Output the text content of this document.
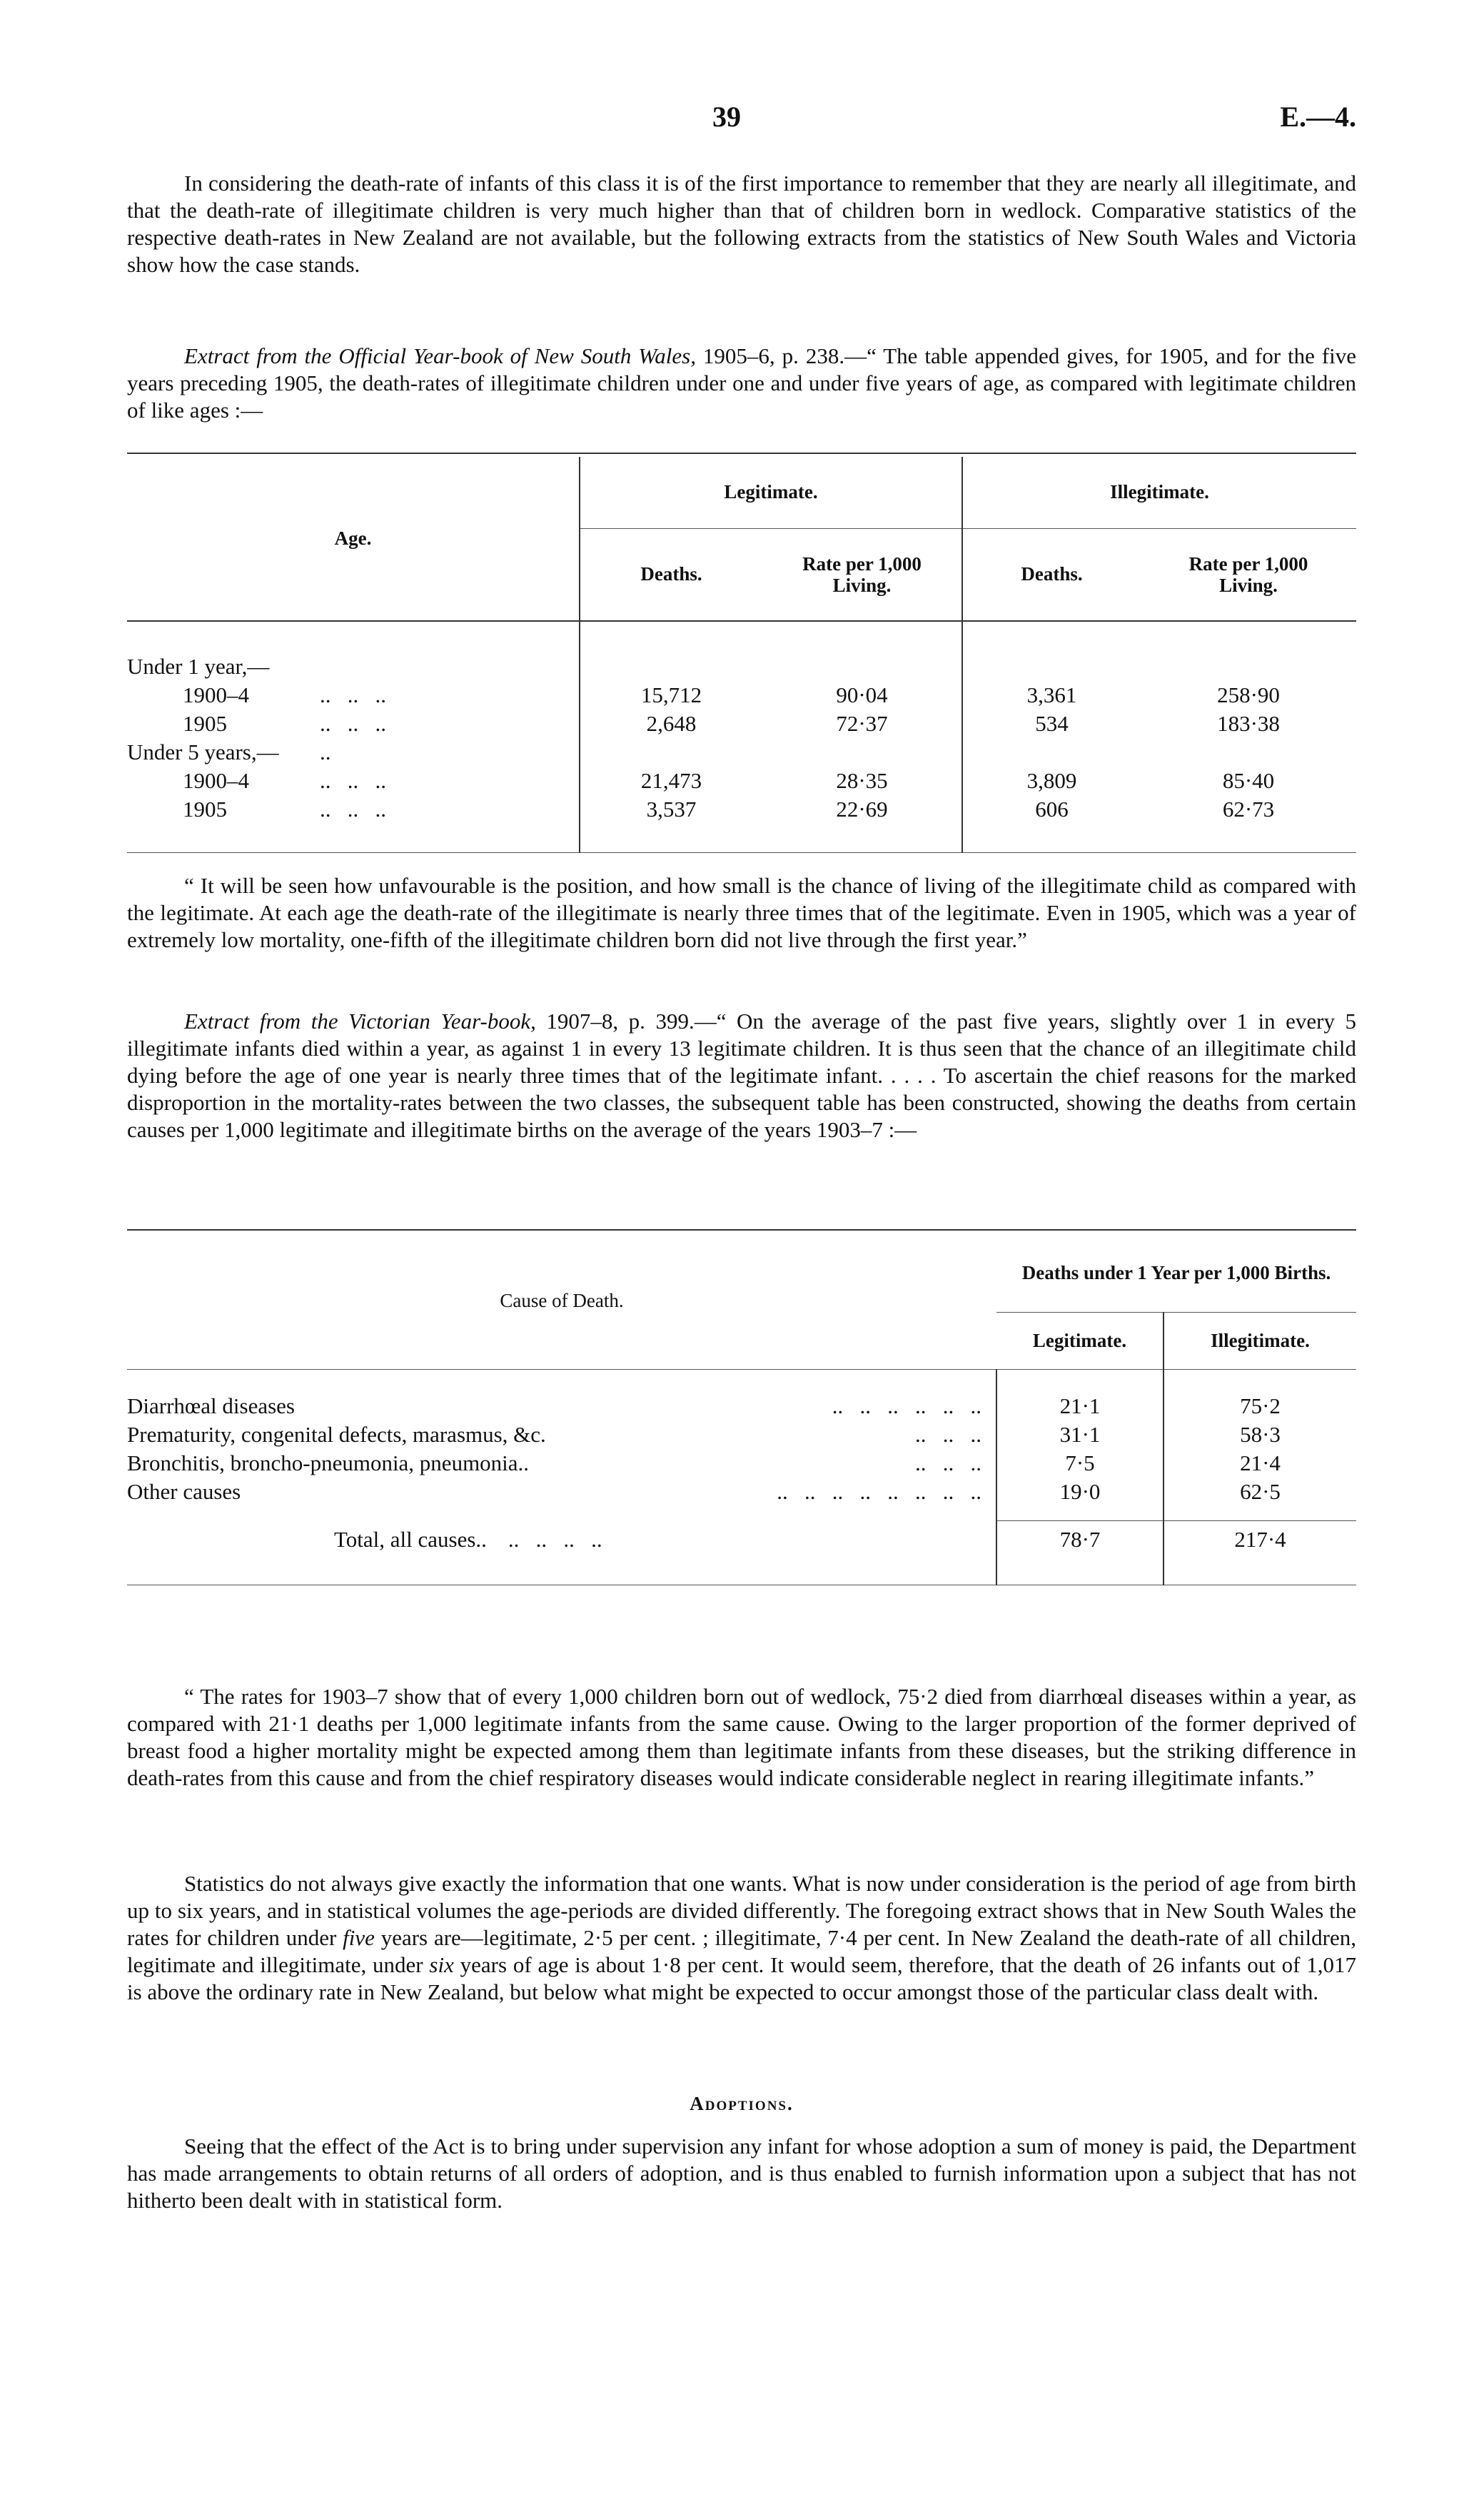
39	E.—4.

In considering the death-rate of infants of this class it is of the first importance to remember that they are nearly all illegitimate, and that the death-rate of illegitimate children is very much higher than that of children born in wedlock. Comparative statistics of the respective death-rates in New Zealand are not available, but the following extracts from the statistics of New South Wales and Victoria show how the case stands.

Extract from the Official Year-book of New South Wales, 1905–6, p. 238.—“ The table appended gives, for 1905, and for the five years preceding 1905, the death-rates of illegitimate children under one and under five years of age, as compared with legitimate children of like ages :—

Age.	Legitimate.		Illegitimate.	
	Deaths.	Rate per 1,000 Living.	Deaths.	Rate per 1,000 Living.

Under 1 year,—

1900–4 ..   ..   ..	15,712	90·04	3,361	258·90
1905 ..   ..   ..	2,648	72·37	534	183·38
Under 5 years,— ..				

1900–4 ..   ..   ..	21,473	28·35	3,809	85·40
1905 ..   ..   ..	3,537	22·69	606	62·73

“ It will be seen how unfavourable is the position, and how small is the chance of living of the illegitimate child as compared with the legitimate. At each age the death-rate of the illegitimate is nearly three times that of the legitimate. Even in 1905, which was a year of extremely low mortality, one-fifth of the illegitimate children born did not live through the first year.”

Extract from the Victorian Year-book, 1907–8, p. 399.—“ On the average of the past five years, slightly over 1 in every 5 illegitimate infants died within a year, as against 1 in every 13 legitimate children. It is thus seen that the chance of an illegitimate child dying before the age of one year is nearly three times that of the legitimate infant. . . . . To ascertain the chief reasons for the marked disproportion in the mortality-rates between the two classes, the subsequent table has been constructed, showing the deaths from certain causes per 1,000 legitimate and illegitimate births on the average of the years 1903–7 :—

Cause of Death.	Deaths under 1 Year per 1,000 Births.	
	Legitimate.	Illegitimate.

Diarrhœal diseases ..   ..   ..   ..   ..   ..	21·1	75·2
Prematurity, congenital defects, marasmus, &c. ..   ..   ..	31·1	58·3
Bronchitis, broncho-pneumonia, pneumonia.. ..   ..   ..	7·5	21·4
Other causes ..   ..   ..   ..   ..   ..   ..   ..	19·0	62·5

Total, all causes.. ..   ..   ..   ..	78·7	217·4

“ The rates for 1903–7 show that of every 1,000 children born out of wedlock, 75·2 died from diarrhœal diseases within a year, as compared with 21·1 deaths per 1,000 legitimate infants from the same cause. Owing to the larger proportion of the former deprived of breast food a higher mortality might be expected among them than legitimate infants from these diseases, but the striking difference in death-rates from this cause and from the chief respiratory diseases would indicate considerable neglect in rearing illegitimate infants.”

Statistics do not always give exactly the information that one wants. What is now under consideration is the period of age from birth up to six years, and in statistical volumes the age-periods are divided differently. The foregoing extract shows that in New South Wales the rates for children under five years are—legitimate, 2·5 per cent. ; illegitimate, 7·4 per cent. In New Zealand the death-rate of all children, legitimate and illegitimate, under six years of age is about 1·8 per cent. It would seem, therefore, that the death of 26 infants out of 1,017 is above the ordinary rate in New Zealand, but below what might be expected to occur amongst those of the particular class dealt with.

Adoptions.

Seeing that the effect of the Act is to bring under supervision any infant for whose adoption a sum of money is paid, the Department has made arrangements to obtain returns of all orders of adoption, and is thus enabled to furnish information upon a subject that has not hitherto been dealt with in statistical form.
